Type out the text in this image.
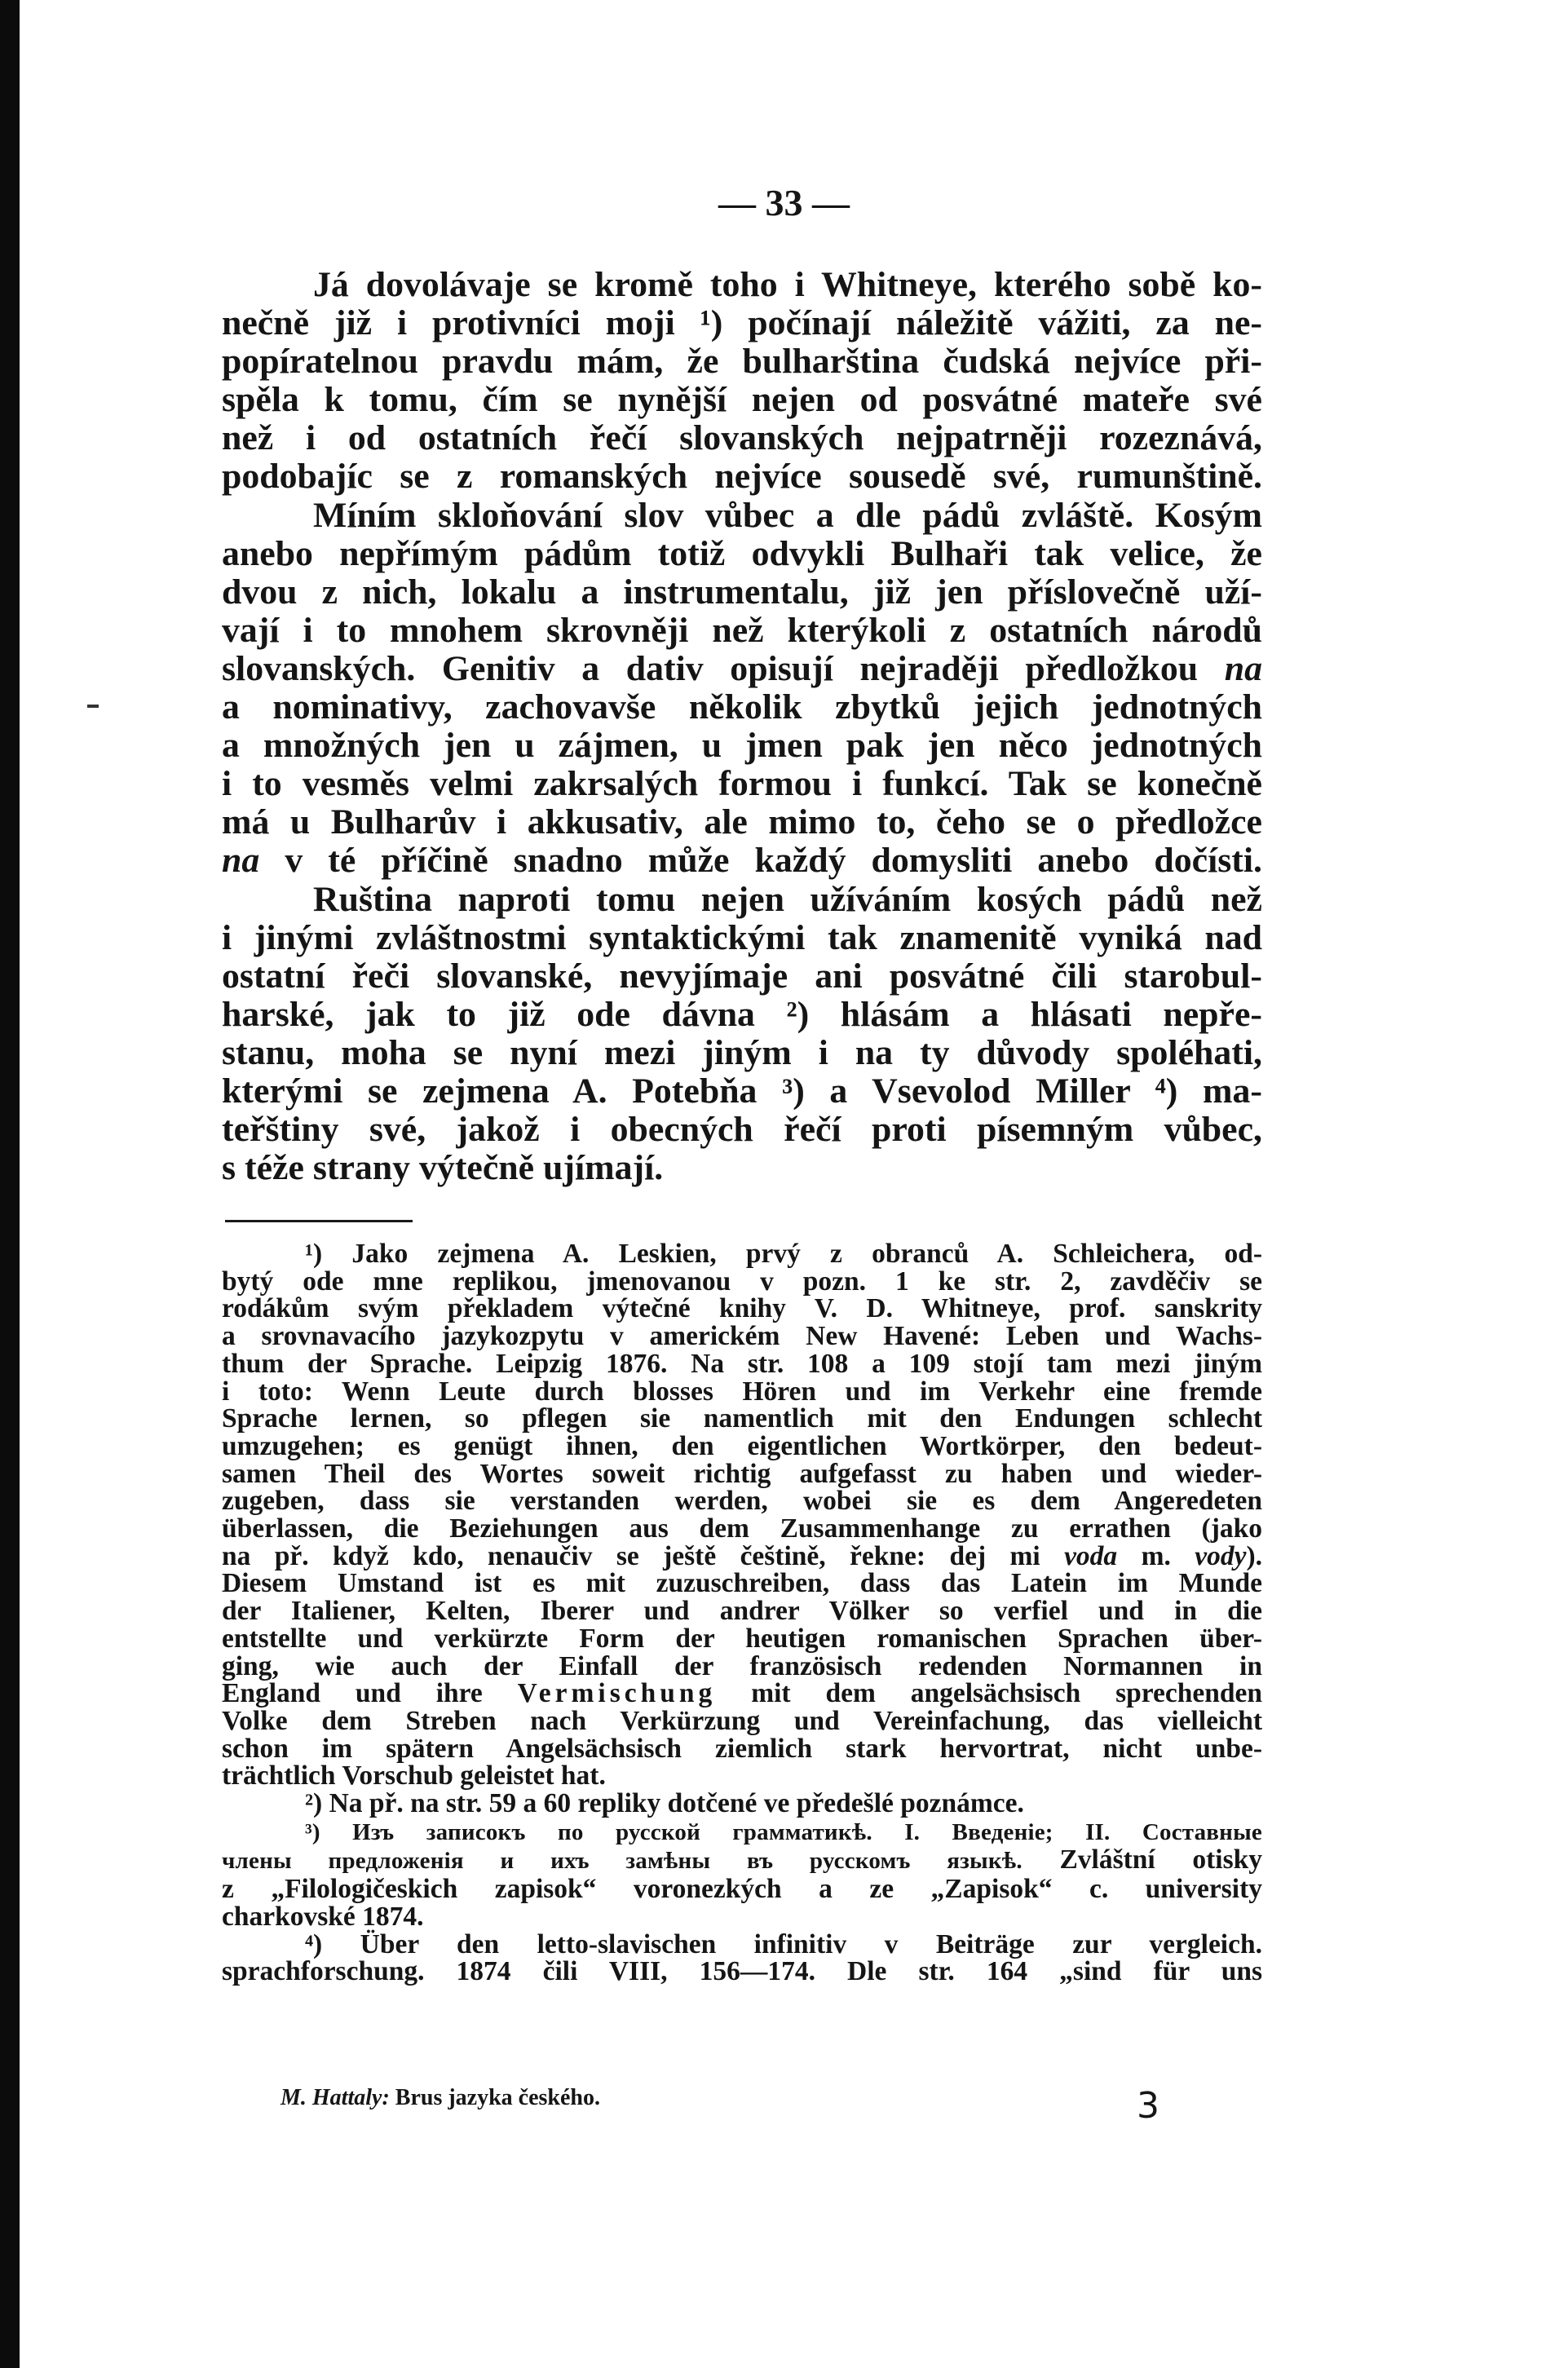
— 33 —

Já dovolávaje se kromě toho i Whitneye, kterého sobě ko-

nečně již i protivníci moji ¹) počínají náležitě vážiti, za ne-

popíratelnou pravdu mám, že bulharština čudská nejvíce při-

spěla k tomu, čím se nynější nejen od posvátné mateře své

než i od ostatních řečí slovanských nejpatrněji rozeznává,

podobajíc se z romanských nejvíce sousedě své, rumunštině.

Míním skloňování slov vůbec a dle pádů zvláště. Kosým

anebo nepřímým pádům totiž odvykli Bulhaři tak velice, že

dvou z nich, lokalu a instrumentalu, již jen příslovečně uží-

vají i to mnohem skrovněji než kterýkoli z ostatních národů

slovanských. Genitiv a dativ opisují nejraději předložkou na

a nominativy, zachovavše několik zbytků jejich jednotných

a množných jen u zájmen, u jmen pak jen něco jednotných

i to vesměs velmi zakrsalých formou i funkcí. Tak se konečně

má u Bulharův i akkusativ, ale mimo to, čeho se o předložce

na v té příčině snadno může každý domysliti anebo dočísti.

Ruština naproti tomu nejen užíváním kosých pádů než

i jinými zvláštnostmi syntaktickými tak znamenitě vyniká nad

ostatní řeči slovanské, nevyjímaje ani posvátné čili starobul-

harské, jak to již ode dávna ²) hlásám a hlásati nepře-

stanu, moha se nyní mezi jiným i na ty důvody spoléhati,

kterými se zejmena A. Potebňa ³) a Vsevolod Miller ⁴) ma-

teřštiny své, jakož i obecných řečí proti písemným vůbec,

s téže strany výtečně ujímají.

¹) Jako zejmena A. Leskien, prvý z obranců A. Schleichera, od-

bytý ode mne replikou, jmenovanou v pozn. 1 ke str. 2, zavděčiv se

rodákům svým překladem výtečné knihy V. D. Whitneye, prof. sanskrity

a srovnavacího jazykozpytu v americkém New Havené: Leben und Wachs-

thum der Sprache. Leipzig 1876. Na str. 108 a 109 stojí tam mezi jiným

i toto: Wenn Leute durch blosses Hören und im Verkehr eine fremde

Sprache lernen, so pflegen sie namentlich mit den Endungen schlecht

umzugehen; es genügt ihnen, den eigentlichen Wortkörper, den bedeut-

samen Theil des Wortes soweit richtig aufgefasst zu haben und wieder-

zugeben, dass sie verstanden werden, wobei sie es dem Angeredeten

überlassen, die Beziehungen aus dem Zusammenhange zu errathen (jako

na př. když kdo, nenaučiv se ještě češtině, řekne: dej mi voda m. vody).

Diesem Umstand ist es mit zuzuschreiben, dass das Latein im Munde

der Italiener, Kelten, Iberer und andrer Völker so verfiel und in die

entstellte und verkürzte Form der heutigen romanischen Sprachen über-

ging, wie auch der Einfall der französisch redenden Normannen in

England und ihre Vermischung mit dem angelsächsisch sprechenden

Volke dem Streben nach Verkürzung und Vereinfachung, das vielleicht

schon im spätern Angelsächsisch ziemlich stark hervortrat, nicht unbe-

trächtlich Vorschub geleistet hat.

²) Na př. na str. 59 a 60 repliky dotčené ve předešlé poznámce.

³) Изъ записокъ по русской грамматикѣ. I. Введеніе; II. Составные

члены предложенія и ихъ замѣны въ русскомъ языкѣ. Zvláštní otisky

z „Filologičeskich zapisok“ voronezkých a ze „Zapisok“ c. university

charkovské 1874.

⁴) Über den letto-slavischen infinitiv v Beiträge zur vergleich.

sprachforschung. 1874 čili VIII, 156—174. Dle str. 164 „sind für uns

M. Hattaly: Brus jazyka českého.	3
